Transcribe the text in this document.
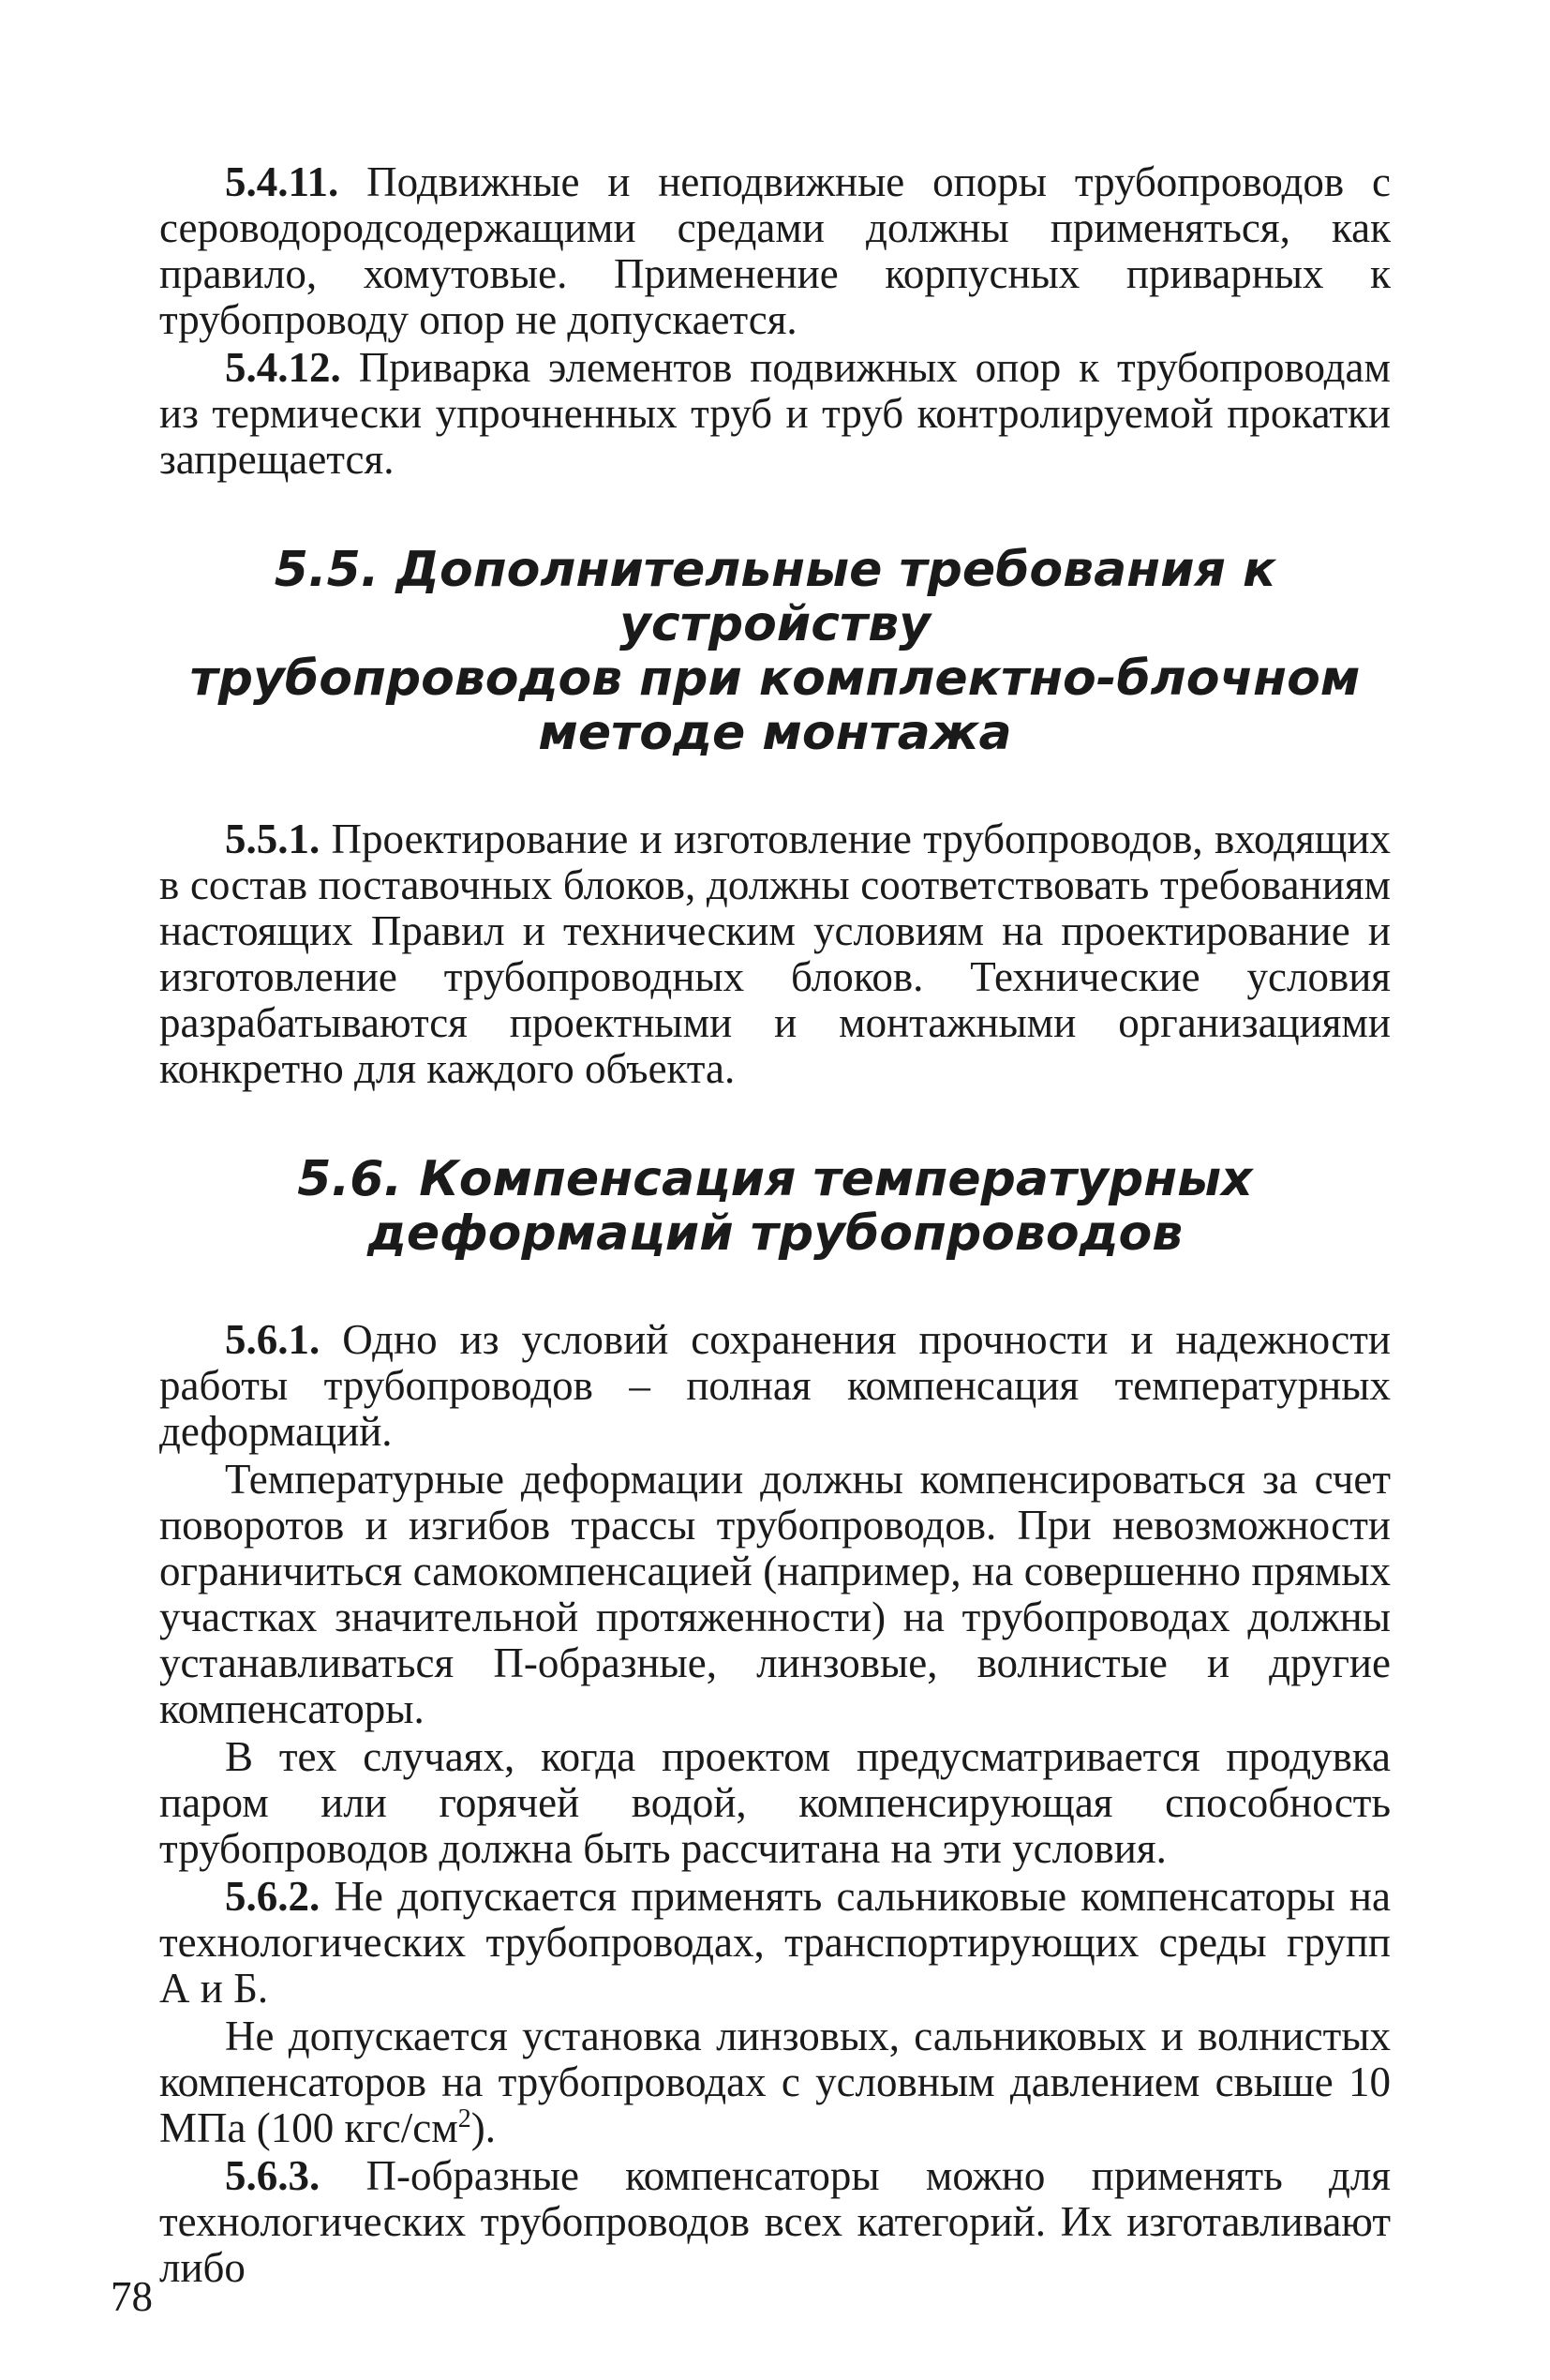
5.4.11. Подвижные и неподвижные опоры трубопроводов с сероводородсодержащими средами должны применяться, как правило, хомутовые. Применение корпусных приварных к трубопроводу опор не допускается.

5.4.12. Приварка элементов подвижных опор к трубопроводам из термически упрочненных труб и труб контролируемой прокатки запрещается.

5.5. Дополнительные требования к устройству
трубопроводов при комплектно-блочном
методе монтажа

5.5.1. Проектирование и изготовление трубопроводов, входящих в состав поставочных блоков, должны соответствовать требованиям настоящих Правил и техническим условиям на проектирование и изготовление трубопроводных блоков. Технические условия разрабатываются проектными и монтажными организациями конкретно для каждого объекта.

5.6. Компенсация температурных
деформаций трубопроводов

5.6.1. Одно из условий сохранения прочности и надежности работы трубопроводов – полная компенсация температурных деформаций.

Температурные деформации должны компенсироваться за счет поворотов и изгибов трассы трубопроводов. При невозможности ограничиться самокомпенсацией (например, на совершенно прямых участках значительной протяженности) на трубопроводах должны устанавливаться П-образные, линзовые, волнистые и другие компенсаторы.

В тех случаях, когда проектом предусматривается продувка паром или горячей водой, компенсирующая способность трубопроводов должна быть рассчитана на эти условия.

5.6.2. Не допускается применять сальниковые компенсаторы на технологических трубопроводах, транспортирующих среды групп А и Б.

Не допускается установка линзовых, сальниковых и волнистых компенсаторов на трубопроводах с условным давлением свыше 10 МПа (100 кгс/$см^2$).

5.6.3. П-образные компенсаторы можно применять для технологических трубопроводов всех категорий. Их изготавливают либо

78
